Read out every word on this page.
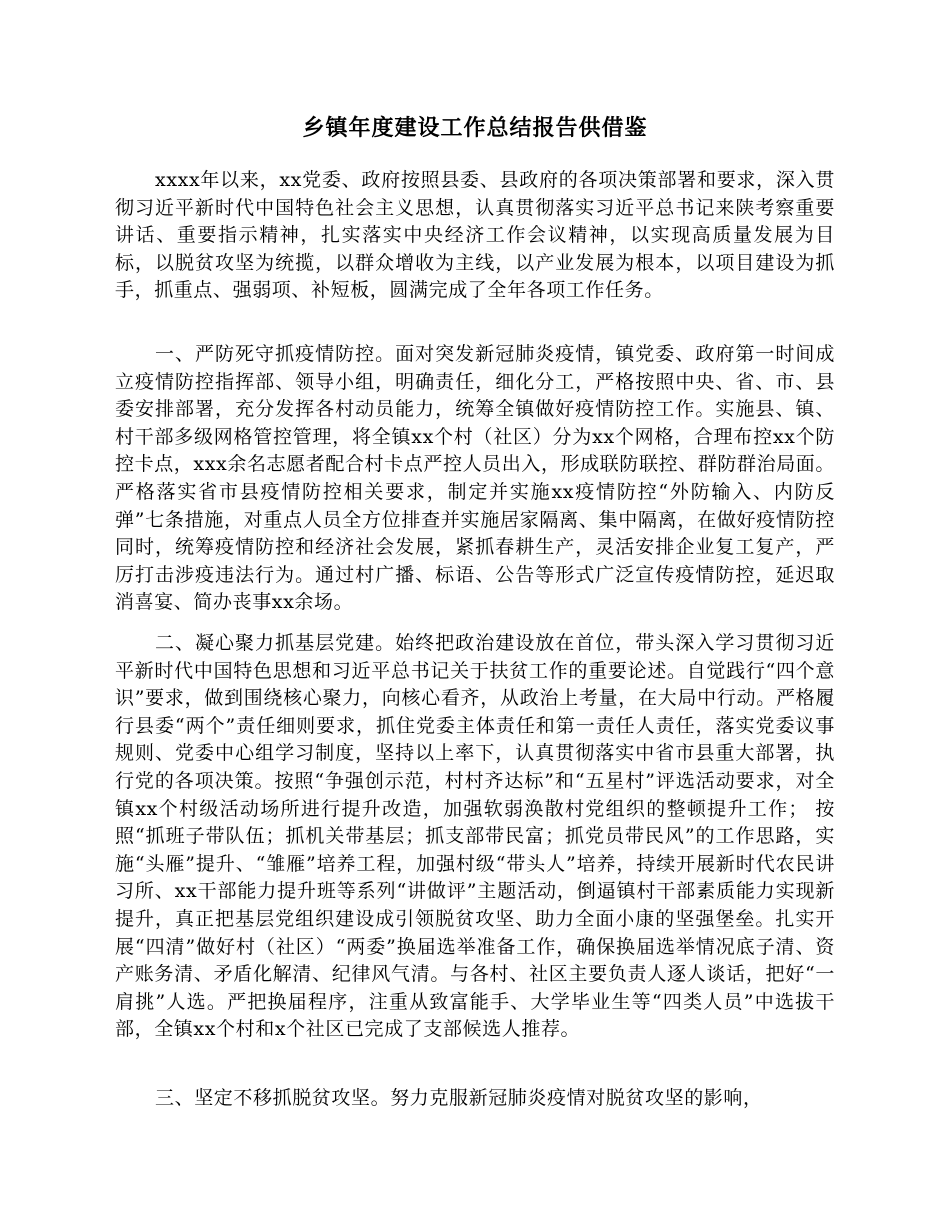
乡镇年度建设工作总结报告供借鉴

xxxx年以来，xx党委、政府按照县委、县政府的各项决策部署和要求，深入贯彻习近平新时代中国特色社会主义思想，认真贯彻落实习近平总书记来陕考察重要讲话、重要指示精神，扎实落实中央经济工作会议精神，以实现高质量发展为目标，以脱贫攻坚为统揽，以群众增收为主线，以产业发展为根本，以项目建设为抓手，抓重点、强弱项、补短板，圆满完成了全年各项工作任务。

一、严防死守抓疫情防控。面对突发新冠肺炎疫情，镇党委、政府第一时间成立疫情防控指挥部、领导小组，明确责任，细化分工，严格按照中央、省、市、县委安排部署，充分发挥各村动员能力，统筹全镇做好疫情防控工作。实施县、镇、村干部多级网格管控管理，将全镇xx个村（社区）分为xx个网格，合理布控xx个防控卡点，xxx余名志愿者配合村卡点严控人员出入，形成联防联控、群防群治局面。严格落实省市县疫情防控相关要求，制定并实施xx疫情防控“外防输入、内防反弹”七条措施，对重点人员全方位排查并实施居家隔离、集中隔离，在做好疫情防控同时，统筹疫情防控和经济社会发展，紧抓春耕生产，灵活安排企业复工复产，严厉打击涉疫违法行为。通过村广播、标语、公告等形式广泛宣传疫情防控，延迟取消喜宴、简办丧事xx余场。

二、凝心聚力抓基层党建。始终把政治建设放在首位，带头深入学习贯彻习近平新时代中国特色思想和习近平总书记关于扶贫工作的重要论述。自觉践行“四个意识”要求，做到围绕核心聚力，向核心看齐，从政治上考量，在大局中行动。严格履行县委“两个”责任细则要求，抓住党委主体责任和第一责任人责任，落实党委议事规则、党委中心组学习制度，坚持以上率下，认真贯彻落实中省市县重大部署，执行党的各项决策。按照“争强创示范，村村齐达标”和“五星村”评选活动要求，对全镇xx个村级活动场所进行提升改造，加强软弱涣散村党组织的整顿提升工作； 按照“抓班子带队伍；抓机关带基层；抓支部带民富；抓党员带民风”的工作思路，实施“头雁”提升、“雏雁”培养工程，加强村级“带头人”培养，持续开展新时代农民讲习所、xx干部能力提升班等系列“讲做评”主题活动，倒逼镇村干部素质能力实现新提升，真正把基层党组织建设成引领脱贫攻坚、助力全面小康的坚强堡垒。扎实开展“四清”做好村（社区）“两委”换届选举准备工作，确保换届选举情况底子清、资产账务清、矛盾化解清、纪律风气清。与各村、社区主要负责人逐人谈话，把好“一肩挑”人选。严把换届程序，注重从致富能手、大学毕业生等“四类人员”中选拔干部，全镇xx个村和x个社区已完成了支部候选人推荐。

三、坚定不移抓脱贫攻坚。努力克服新冠肺炎疫情对脱贫攻坚的影响，
